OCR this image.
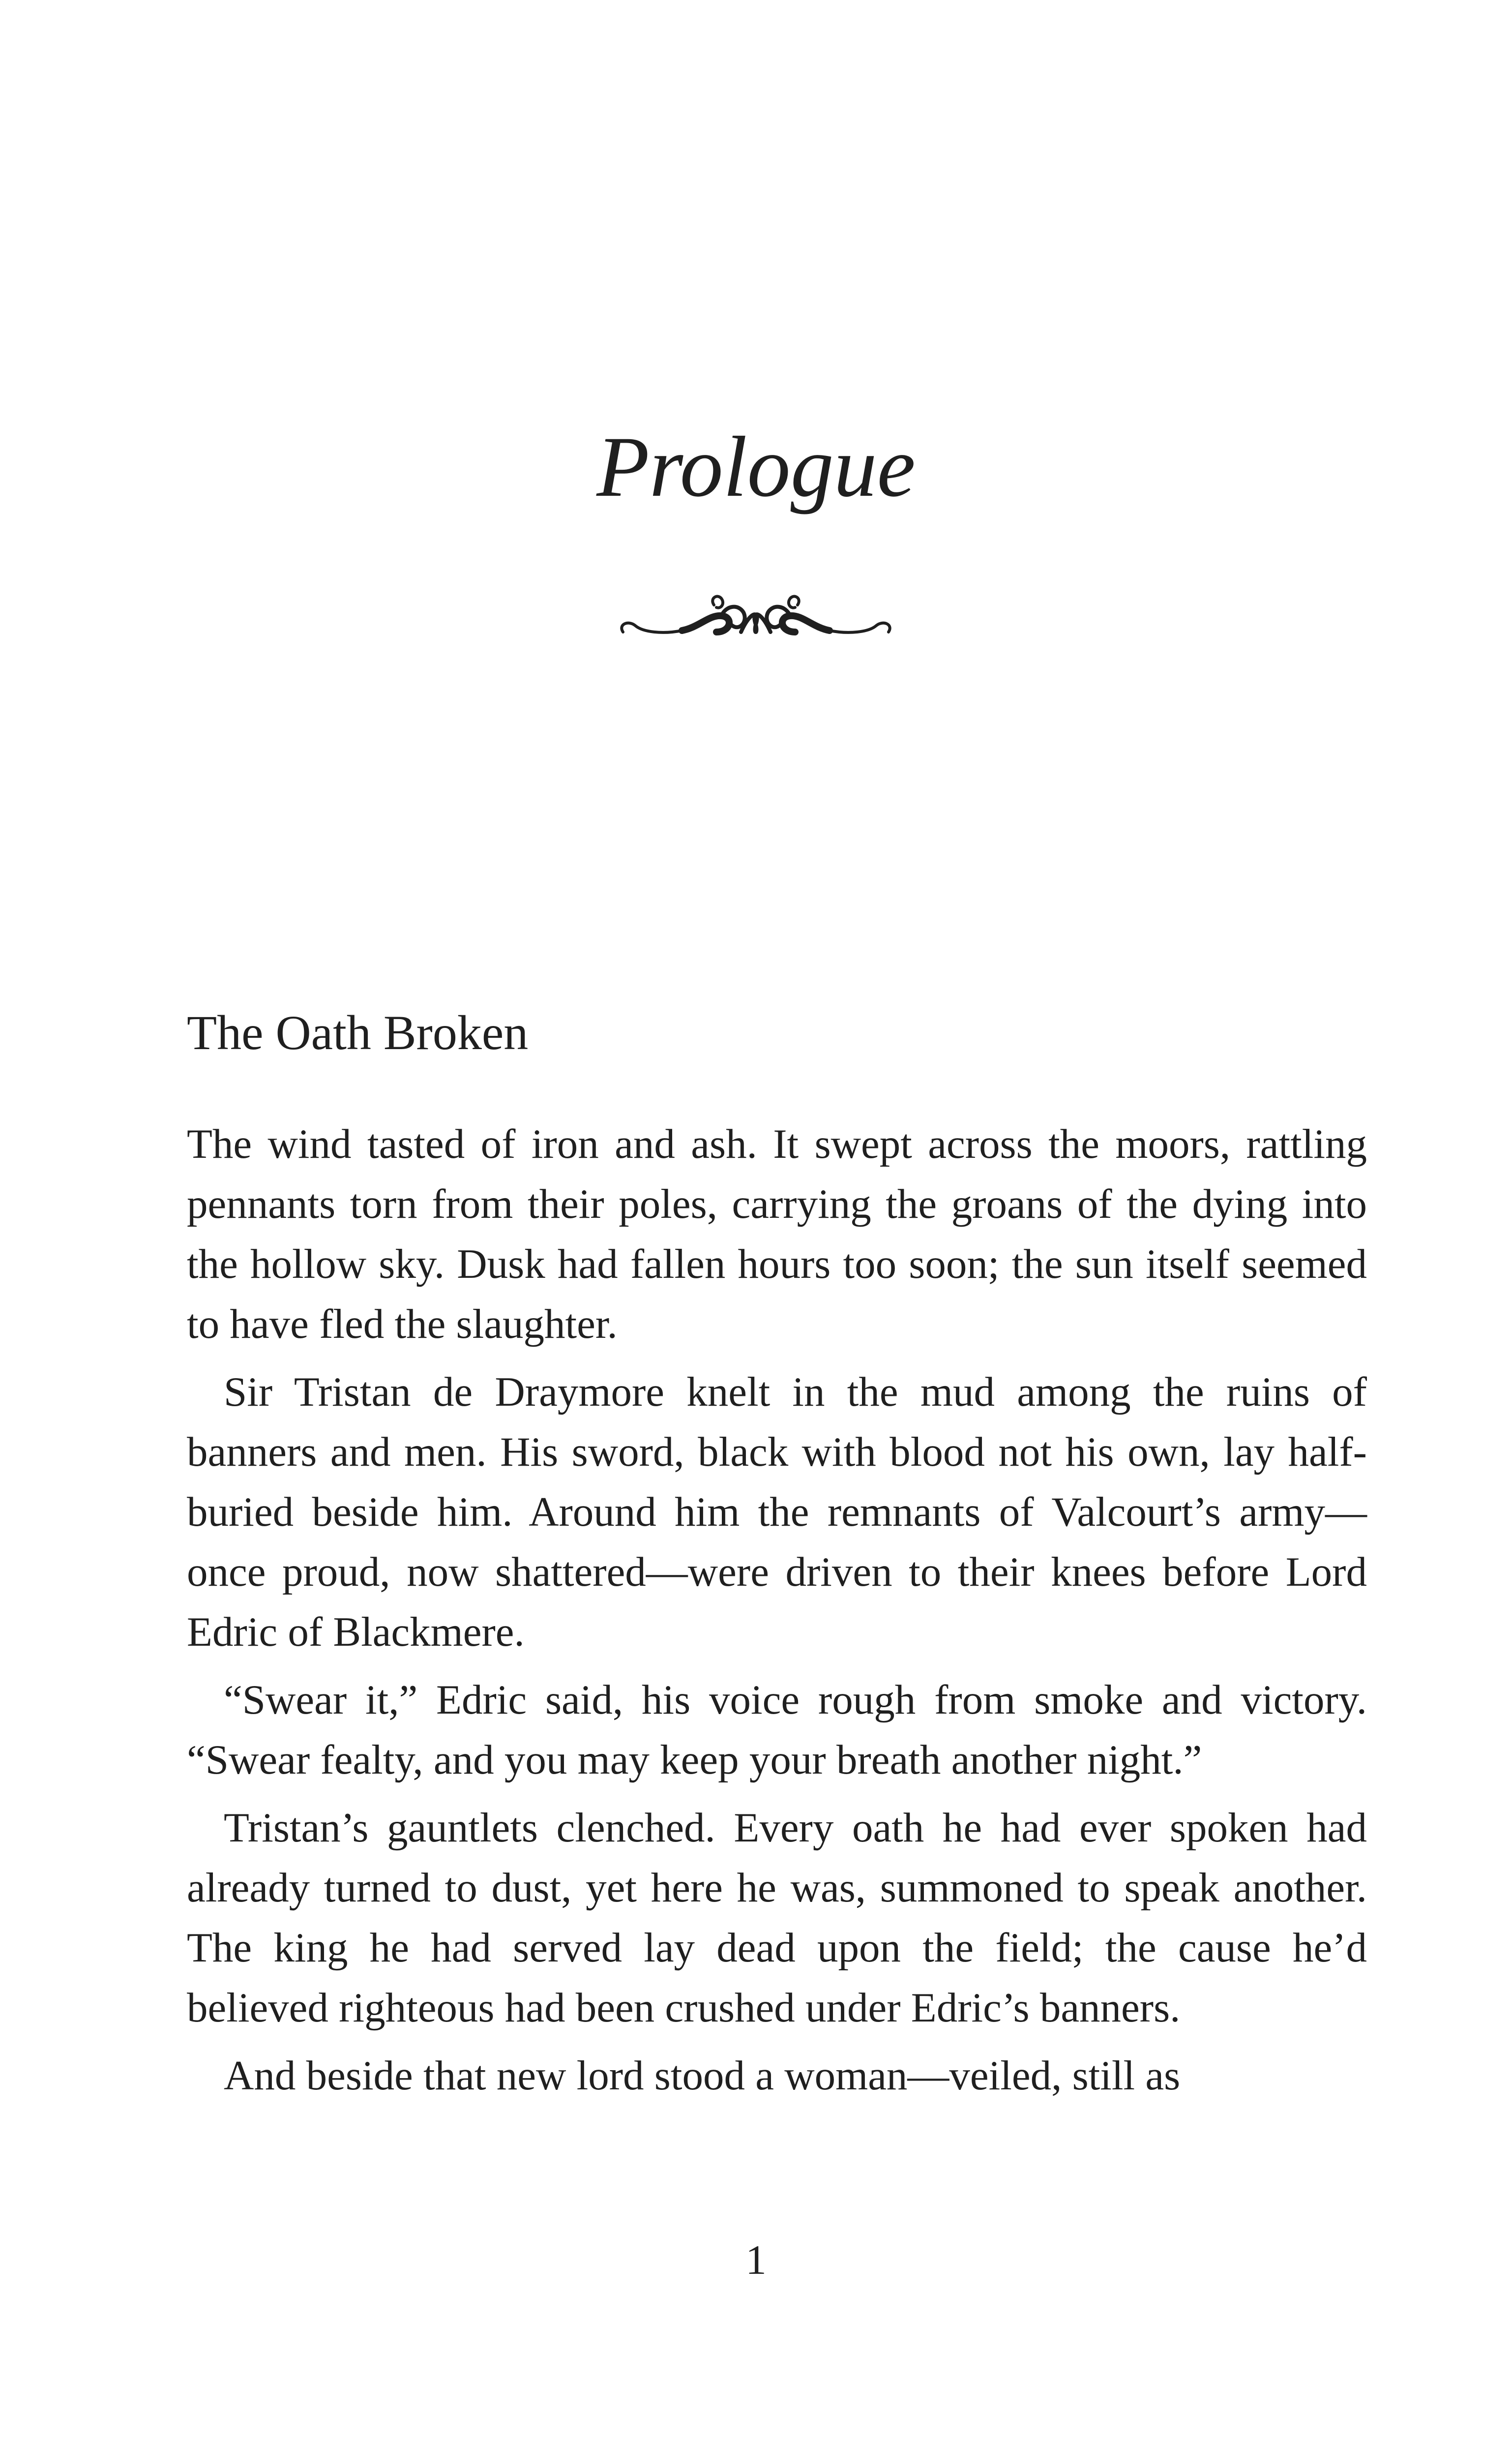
Prologue
The Oath Broken

The wind tasted of iron and ash. It swept across the moors, rattling pennants torn from their poles, carrying the groans of the dying into the hollow sky. Dusk had fallen hours too soon; the sun itself seemed to have fled the slaughter.

Sir Tristan de Draymore knelt in the mud among the ruins of banners and men. His sword, black with blood not his own, lay half-buried beside him. Around him the remnants of Valcourt’s army—once proud, now shattered—were driven to their knees before Lord Edric of Blackmere.

“Swear it,” Edric said, his voice rough from smoke and victory. “Swear fealty, and you may keep your breath another night.”

Tristan’s gauntlets clenched. Every oath he had ever spoken had already turned to dust, yet here he was, summoned to speak another. The king he had served lay dead upon the field; the cause he’d believed righteous had been crushed under Edric’s banners.

And beside that new lord stood a woman—veiled, still as

1
